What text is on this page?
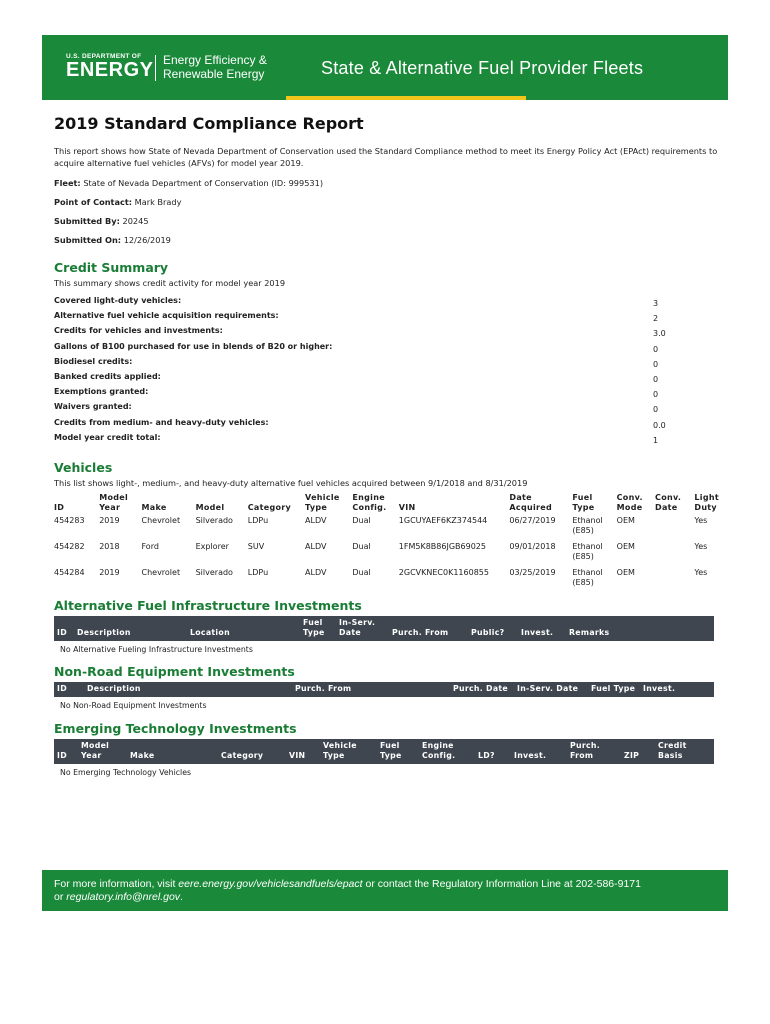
U.S. DEPARTMENT OF
ENERGY Energy Efficiency &
Renewable Energy	State & Alternative Fuel Provider Fleets
2019 Standard Compliance Report
This report shows how State of Nevada Department of Conservation used the Standard Compliance method to meet its Energy Policy Act (EPAct) requirements to acquire alternative fuel vehicles (AFVs) for model year 2019.
Fleet: State of Nevada Department of Conservation (ID: 999531)
Point of Contact: Mark Brady
Submitted By: 20245
Submitted On: 12/26/2019
Credit Summary
This summary shows credit activity for model year 2019
Covered light-duty vehicles:	3
Alternative fuel vehicle acquisition requirements:	2
Credits for vehicles and investments:	3.0
Gallons of B100 purchased for use in blends of B20 or higher:	0
Biodiesel credits:	0
Banked credits applied:	0
Exemptions granted:	0
Waivers granted:	0
Credits from medium- and heavy-duty vehicles:	0.0
Model year credit total:	1
Vehicles
This list shows light-, medium-, and heavy-duty alternative fuel vehicles acquired between 9/1/2018 and 8/31/2019
ID	Model Year	Make	Model	Category	Vehicle Type	Engine Config.	VIN	Date Acquired	Fuel Type	Conv. Mode	Conv. Date	Light Duty

454283	2019	Chevrolet	Silverado	LDPu	ALDV	Dual	1GCUYAEF6KZ374544	06/27/2019	Ethanol (E85)	OEM		Yes

454282	2018	Ford	Explorer	SUV	ALDV	Dual	1FM5K8B86JGB69025	09/01/2018	Ethanol (E85)	OEM		Yes

454284	2019	Chevrolet	Silverado	LDPu	ALDV	Dual	2GCVKNEC0K1160855	03/25/2019	Ethanol (E85)	OEM		Yes
Alternative Fuel Infrastructure Investments
ID	Description	Location	Fuel Type	In-Serv. Date	Purch. From	Public?	Invest.	Remarks
No Alternative Fueling Infrastructure Investments
Non-Road Equipment Investments
ID	Description	Purch. From	Purch. Date	In-Serv. Date	Fuel Type	Invest.
No Non-Road Equipment Investments
Emerging Technology Investments
ID	Model Year	Make	Category	VIN	Vehicle Type	Fuel Type	Engine Config.	LD?	Invest.	Purch. From	ZIP	Credit Basis
No Emerging Technology Vehicles
For more information, visit eere.energy.gov/vehiclesandfuels/epact or contact the Regulatory Information Line at 202-586-9171
or regulatory.info@nrel.gov.
